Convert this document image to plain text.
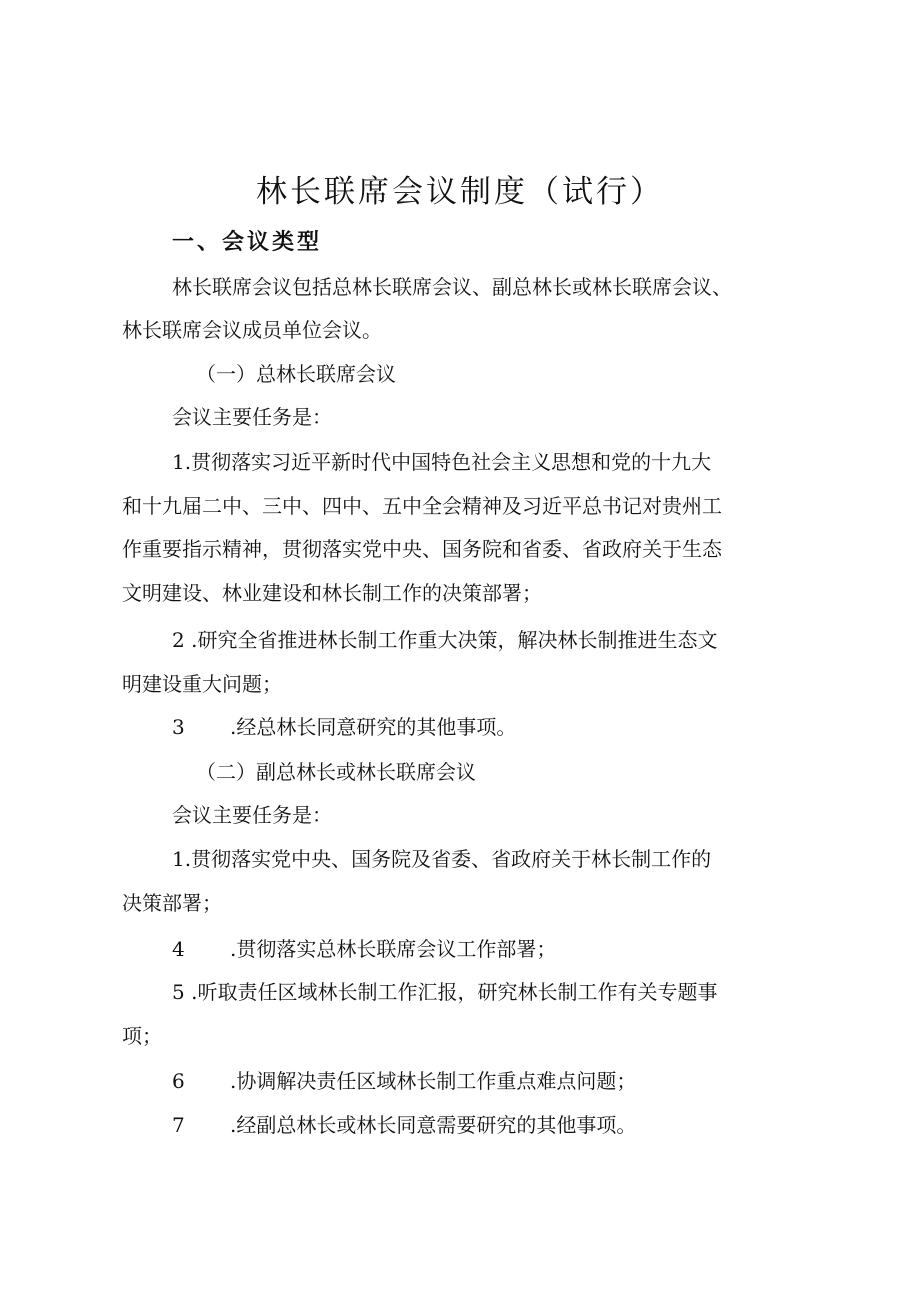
林长联席会议制度（试行）
一、会议类型

林长联席会议包括总林长联席会议、副总林长或林长联席会议、

林长联席会议成员单位会议。

（一）总林长联席会议

会议主要任务是：

1.贯彻落实习近平新时代中国特色社会主义思想和党的十九大

和十九届二中、三中、四中、五中全会精神及习近平总书记对贵州工

作重要指示精神，贯彻落实党中央、国务院和省委、省政府关于生态

文明建设、林业建设和林长制工作的决策部署；

2 .研究全省推进林长制工作重大决策，解决林长制推进生态文

明建设重大问题；

3 .经总林长同意研究的其他事项。

（二）副总林长或林长联席会议

会议主要任务是：

1.贯彻落实党中央、国务院及省委、省政府关于林长制工作的

决策部署；

4 .贯彻落实总林长联席会议工作部署；

5 .听取责任区域林长制工作汇报，研究林长制工作有关专题事

项；

6 .协调解决责任区域林长制工作重点难点问题；

7 .经副总林长或林长同意需要研究的其他事项。
